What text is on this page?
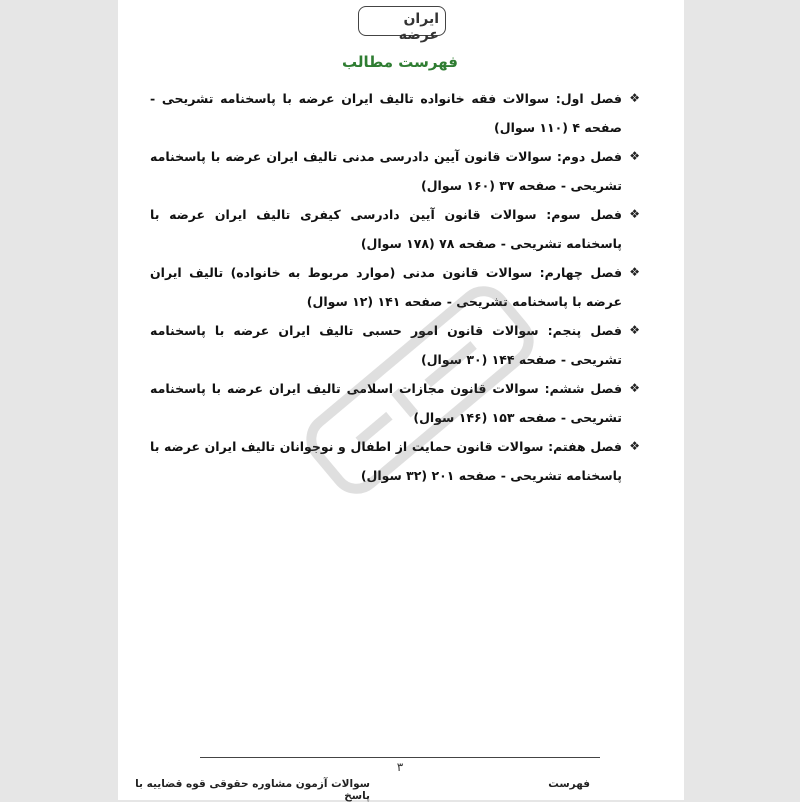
ایران عرضه
فهرست مطالب
❖
فصل اول: سوالات فقه خانواده تالیف ایران عرضه با پاسخنامه تشریحی - صفحه ۴ (۱۱۰ سوال)
❖
فصل دوم: سوالات قانون آیین دادرسی مدنی تالیف ایران عرضه با پاسخنامه تشریحی - صفحه ۳۷ (۱۶۰ سوال)
❖
فصل سوم: سوالات قانون آیین دادرسی کیفری تالیف ایران عرضه با پاسخنامه تشریحی - صفحه ۷۸ (۱۷۸ سوال)
❖
فصل چهارم: سوالات قانون مدنی (موارد مربوط به خانواده) تالیف ایران عرضه با پاسخنامه تشریحی - صفحه ۱۴۱ (۱۲ سوال)
❖
فصل پنجم: سوالات قانون امور حسبی تالیف ایران عرضه با پاسخنامه تشریحی - صفحه ۱۴۴ (۳۰ سوال)
❖
فصل ششم: سوالات قانون مجازات اسلامی تالیف ایران عرضه با پاسخنامه تشریحی - صفحه ۱۵۳ (۱۴۶ سوال)
❖
فصل هفتم: سوالات قانون حمایت از اطفال و نوجوانان تالیف ایران عرضه با پاسخنامه تشریحی - صفحه ۲۰۱ (۳۲ سوال)
۳
سوالات آزمون مشاوره حقوقی قوه قضاییه با پاسخ
فهرست
